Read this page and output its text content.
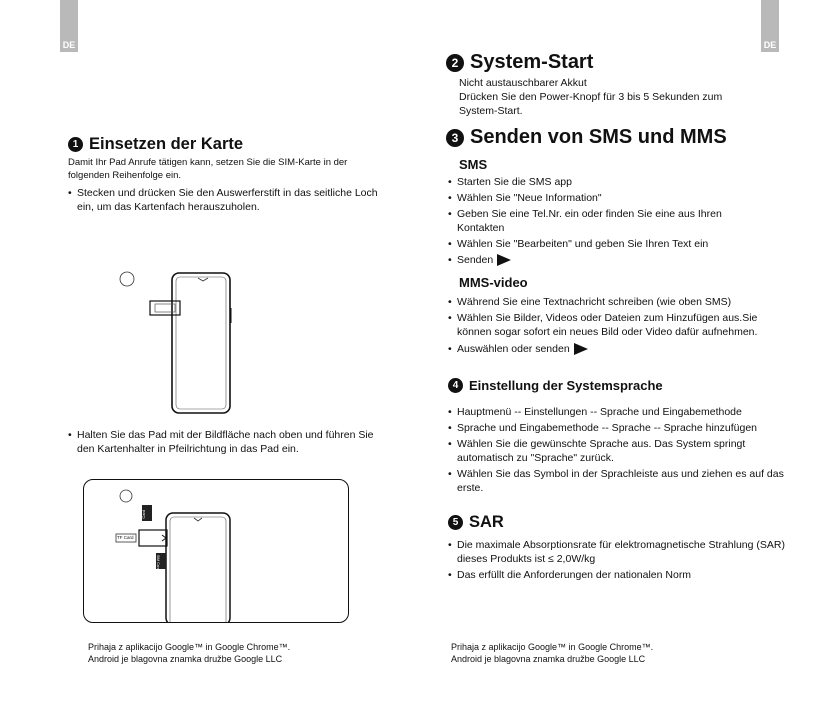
DE	DE
1 Einsetzen der Karte
Damit Ihr Pad Anrufe tätigen kann, setzen Sie die SIM-Karte in der folgenden Reihenfolge ein.
• Stecken und drücken Sie den Auswerferstift in das seitliche Loch ein, um das Kartenfach herauszuholen.
• Halten Sie das Pad mit der Bildfläche nach oben und führen Sie den Kartenhalter in Pfeilrichtung in das Pad ein.
TF Card
Card
SIM Card
Prihaja z aplikacijo Google™ in Google Chrome™.
Android je blagovna znamka družbe Google LLC
2 System-Start
Nicht austauschbarer Akkut
Drücken Sie den Power-Knopf für 3 bis 5 Sekunden zum
System-Start.
3 Senden von SMS und MMS
SMS
• Starten Sie die SMS app
• Wählen Sie "Neue Information"
• Geben Sie eine Tel.Nr. ein oder finden Sie eine aus Ihren Kontakten
• Wählen Sie "Bearbeiten" und geben Sie Ihren Text ein
• Senden
MMS-video
• Während Sie eine Textnachricht schreiben (wie oben SMS)
• Wählen Sie Bilder, Videos oder Dateien zum Hinzufügen aus.Sie können sogar sofort ein neues Bild oder Video dafür aufnehmen.
• Auswählen oder senden
4 Einstellung der Systemsprache
• Hauptmenü -- Einstellungen -- Sprache und Eingabemethode
• Sprache und Eingabemethode -- Sprache -- Sprache hinzufügen
• Wählen Sie die gewünschte Sprache aus. Das System springt automatisch zu "Sprache" zurück.
• Wählen Sie das Symbol in der Sprachleiste aus und ziehen es auf das erste.
5 SAR
• Die maximale Absorptionsrate für elektromagnetische Strahlung (SAR) dieses Produkts ist ≤ 2,0W/kg
• Das erfüllt die Anforderungen der nationalen Norm
Prihaja z aplikacijo Google™ in Google Chrome™.
Android je blagovna znamka družbe Google LLC
